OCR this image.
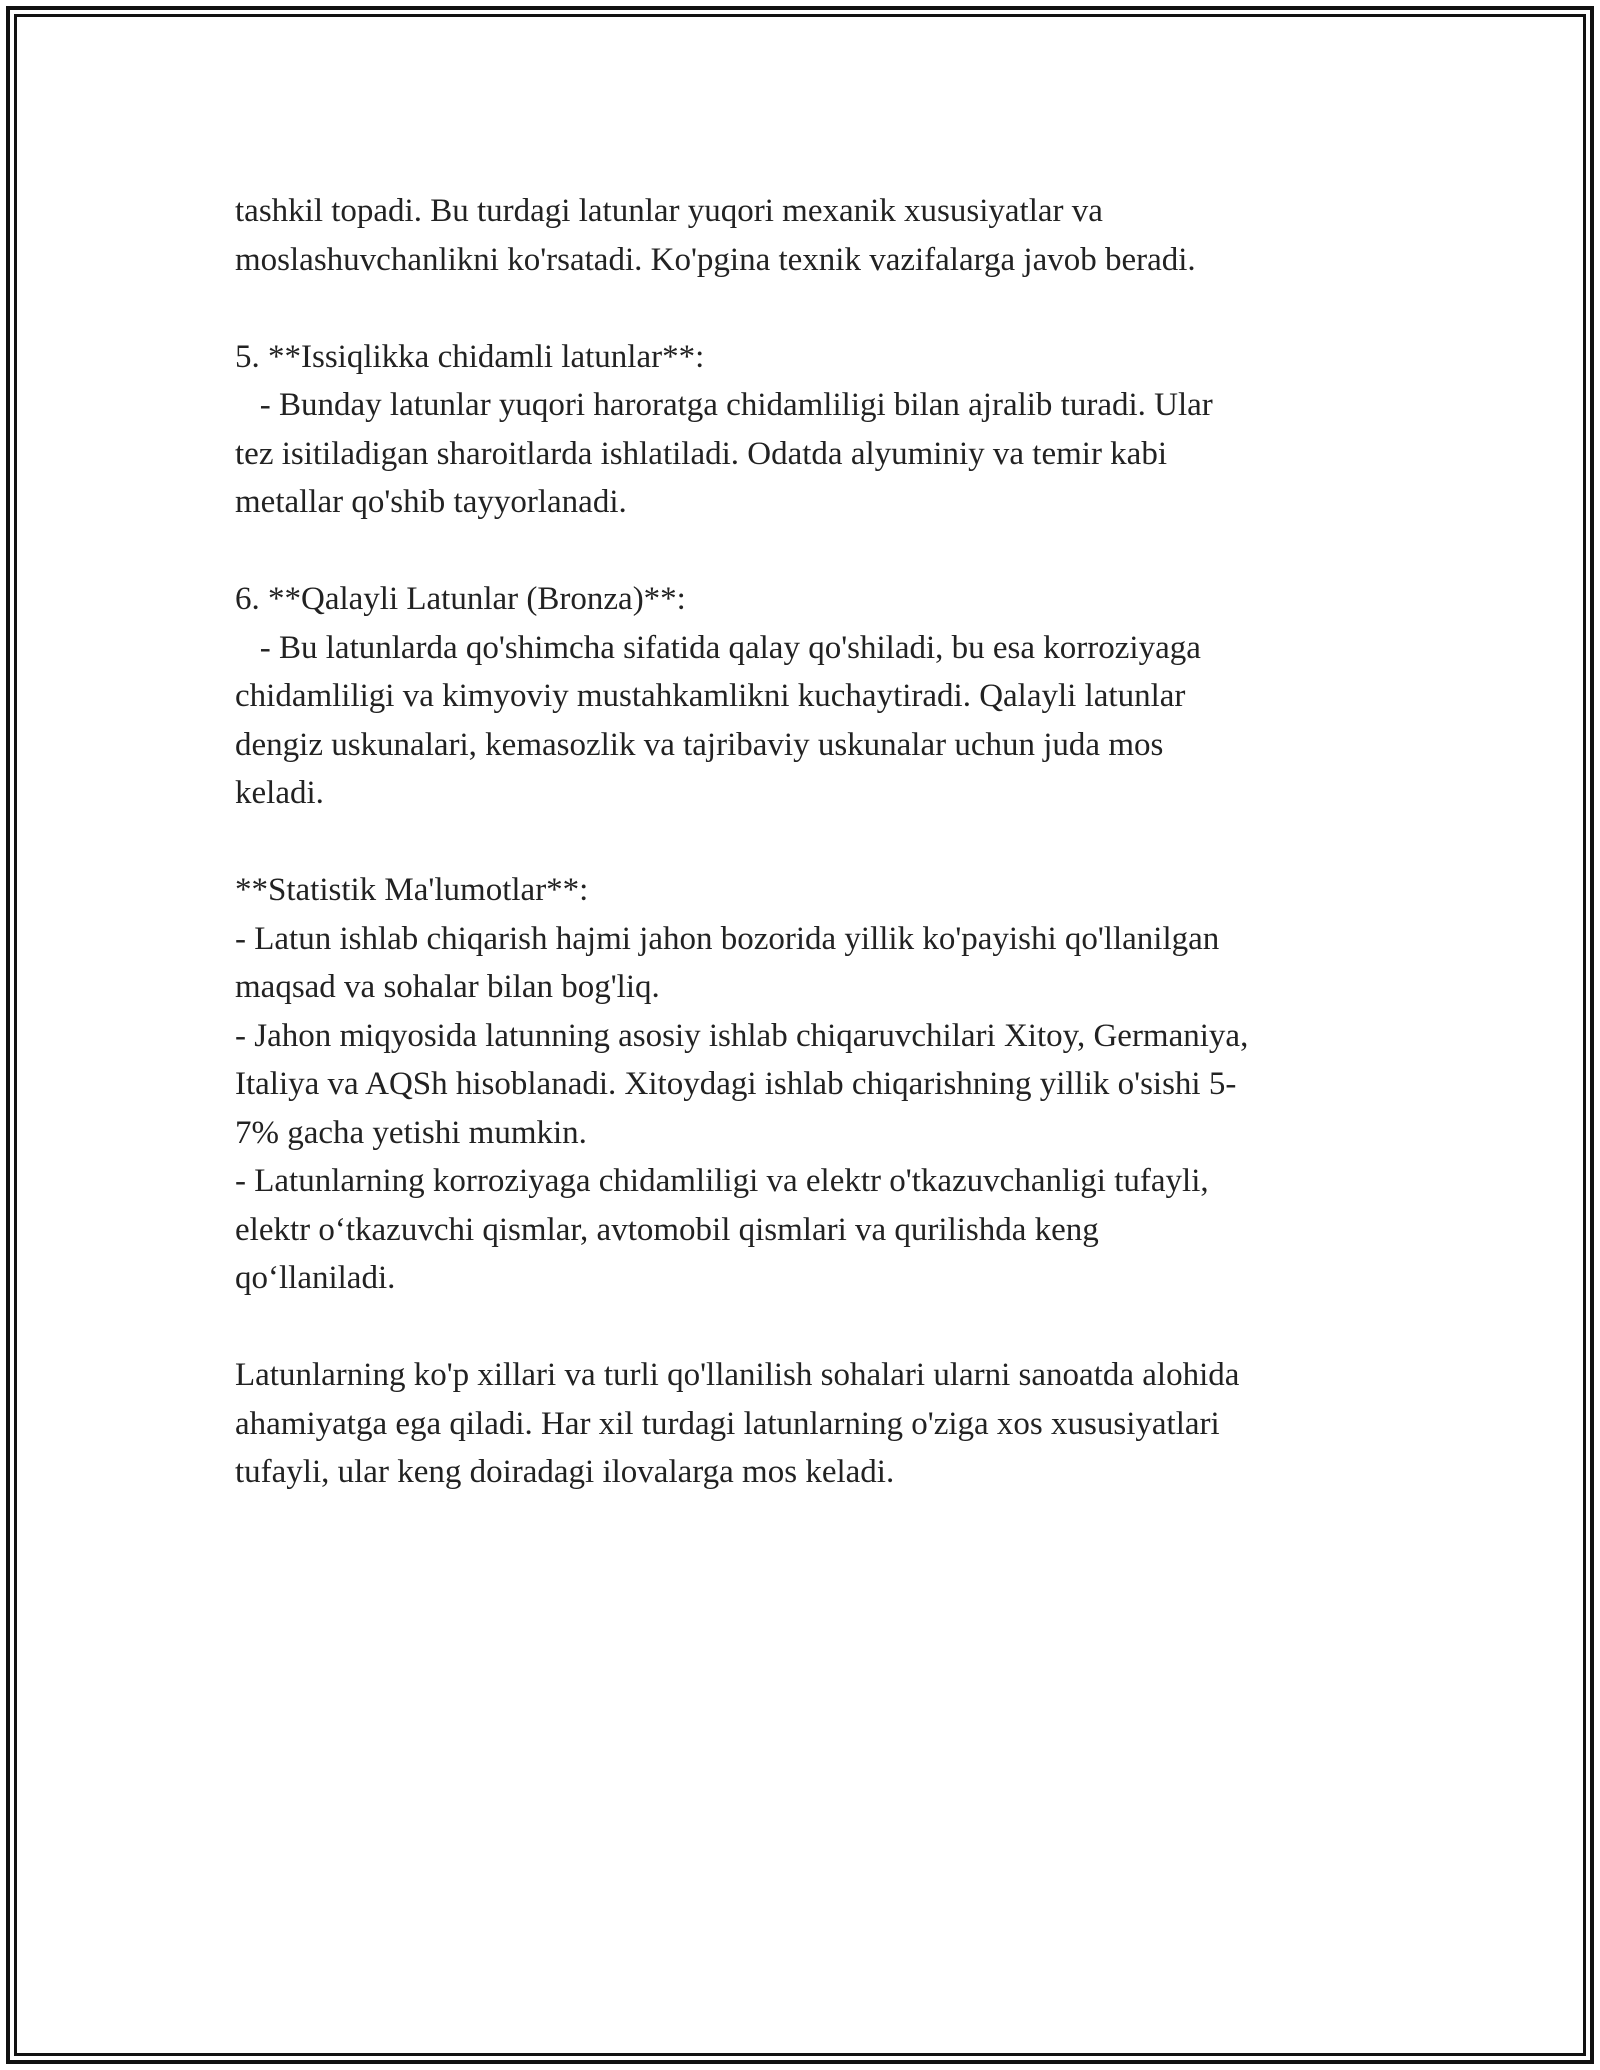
tashkil topadi. Bu turdagi latunlar yuqori mexanik xususiyatlar va
moslashuvchanlikni ko'rsatadi. Ko'pgina texnik vazifalarga javob beradi.
5. **Issiqlikka chidamli latunlar**:
- Bunday latunlar yuqori haroratga chidamliligi bilan ajralib turadi. Ular
tez isitiladigan sharoitlarda ishlatiladi. Odatda alyuminiy va temir kabi
metallar qo'shib tayyorlanadi.
6. **Qalayli Latunlar (Bronza)**:
- Bu latunlarda qo'shimcha sifatida qalay qo'shiladi, bu esa korroziyaga
chidamliligi va kimyoviy mustahkamlikni kuchaytiradi. Qalayli latunlar
dengiz uskunalari, kemasozlik va tajribaviy uskunalar uchun juda mos
keladi.
**Statistik Ma'lumotlar**:
- Latun ishlab chiqarish hajmi jahon bozorida yillik ko'payishi qo'llanilgan
maqsad va sohalar bilan bog'liq.
- Jahon miqyosida latunning asosiy ishlab chiqaruvchilari Xitoy, Germaniya,
Italiya va AQSh hisoblanadi. Xitoydagi ishlab chiqarishning yillik o'sishi 5-
7% gacha yetishi mumkin.
- Latunlarning korroziyaga chidamliligi va elektr o'tkazuvchanligi tufayli,
elektr o‘tkazuvchi qismlar, avtomobil qismlari va qurilishda keng
qo‘llaniladi.
Latunlarning ko'p xillari va turli qo'llanilish sohalari ularni sanoatda alohida
ahamiyatga ega qiladi. Har xil turdagi latunlarning o'ziga xos xususiyatlari
tufayli, ular keng doiradagi ilovalarga mos keladi.
